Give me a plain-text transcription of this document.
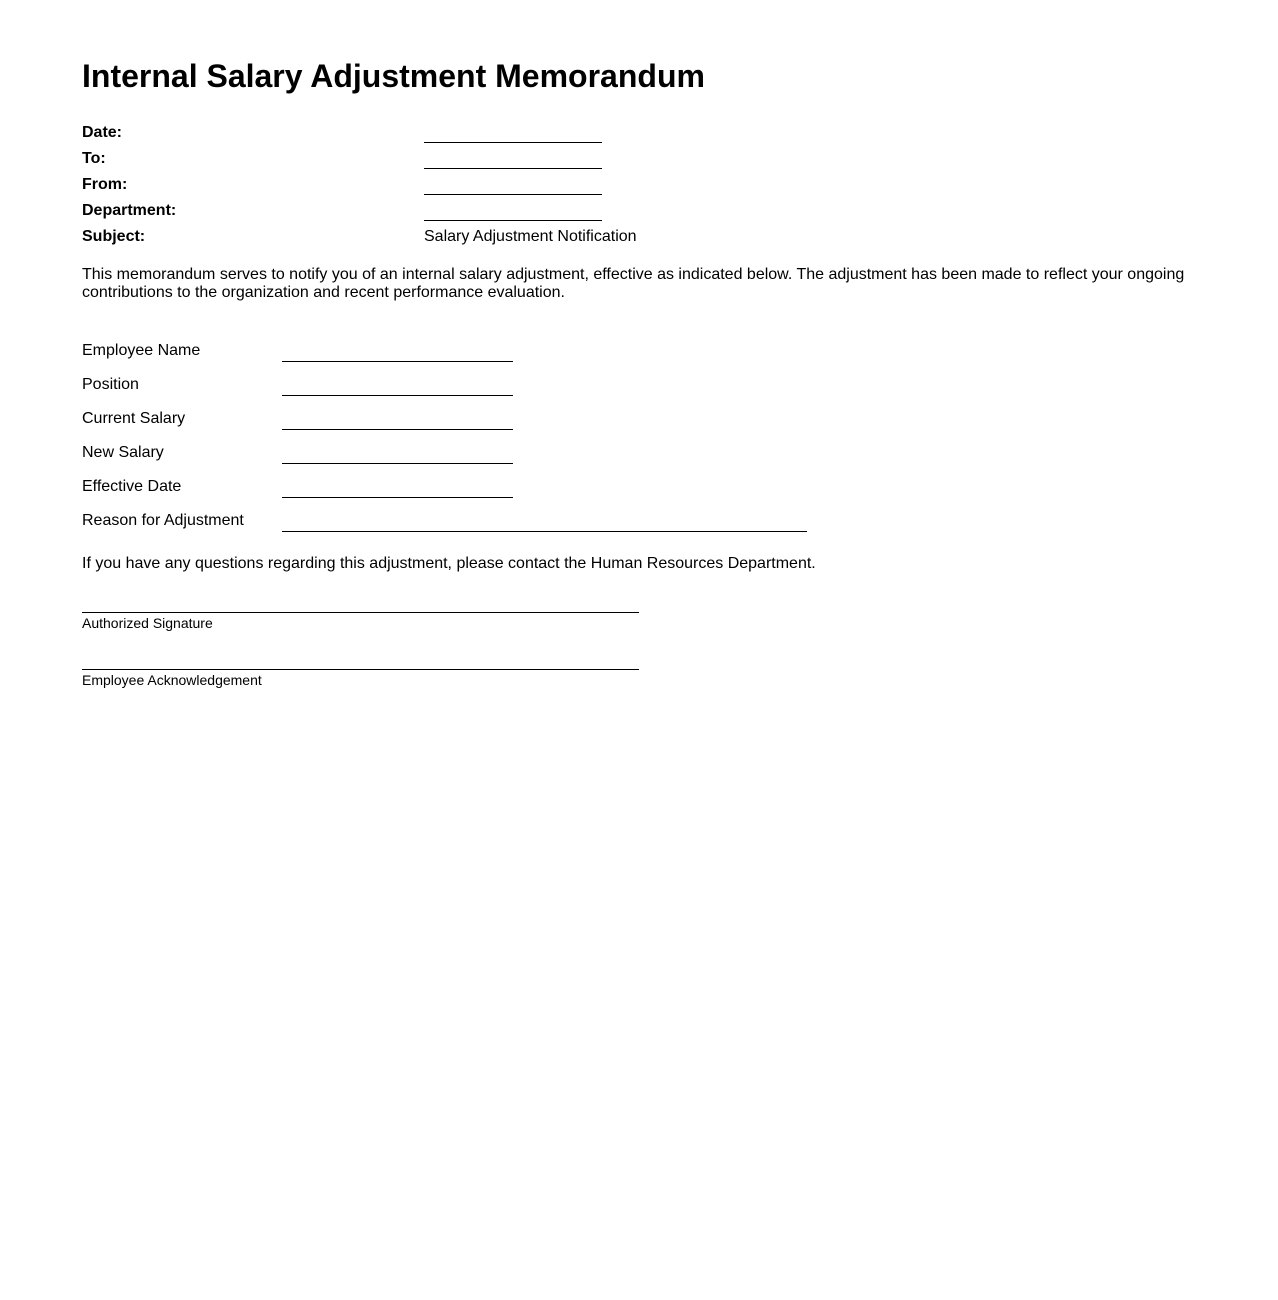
Internal Salary Adjustment Memorandum
Date:
To:
From:
Department:
Subject:	Salary Adjustment Notification

This memorandum serves to notify you of an internal salary adjustment, effective as indicated below. The adjustment has been made to reflect your ongoing contributions to the organization and recent performance evaluation.

Employee Name
Position
Current Salary
New Salary
Effective Date
Reason for Adjustment

If you have any questions regarding this adjustment, please contact the Human Resources Department.

Authorized Signature
Employee Acknowledgement
